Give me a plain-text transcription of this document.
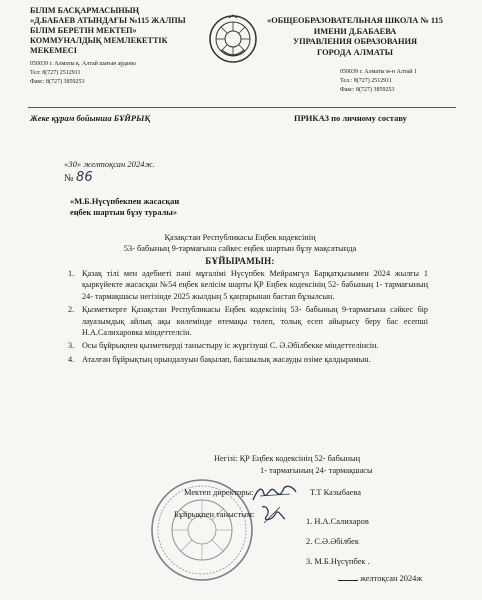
БІЛІМ БАСҚАРМАСЫНЫҢ
«Д.БАБАЕВ АТЫНДАҒЫ №115 ЖАЛПЫ
БІЛІМ БЕРЕТІН МЕКТЕП»
КОММУНАЛДЫҚ МЕМЛЕКЕТТІК
МЕКЕМЕСІ
050039 г. Алматы қ. Алтай шағын ауданы
Тел: 8(727) 2512911
Факс: 8(727) 3859253
«ОБЩЕОБРАЗОВАТЕЛЬНАЯ ШКОЛА № 115
ИМЕНИ Д.БАБАЕВА
УПРАВЛЕНИЯ ОБРАЗОВАНИЯ
ГОРОДА АЛМАТЫ
050039 г. Алматы м-н Алтай 1
Тел.: 8(727) 2512911
Факс: 8(727) 3859253
Жеке құрам бойынша БҰЙРЫҚ	ПРИКАЗ по личному составу
«30» желтоқсан 2024ж.
№ 86
«М.Б.Нүсүпбекпен жасасқан
еңбек шартын бұзу туралы»
Қазақстан Республикасы Еңбек кодексінің
53- бабының 9-тармағына сәйкес еңбек шартын бұзу мақсатында
БҰЙЫРАМЫН:
1. Қазақ тілі мен әдебиеті пәні мұғалімі Нүсүпбек Мейрамгүл Барқатқызымен 2024 жылғы 1 қыркүйекте жасасқан №54 еңбек келісім шарты ҚР Еңбек кодексінің 52- бабының 1- тармағының 24- тармақшасы негізінде 2025 жылдың 5 қаңтарынан бастап бұзылсын.
2. Қызметкерге Қазақстан Республикасы Еңбек кодексінің 53- бабының 9-тармағына сәйкес бір лауазымдық айлық ақы көлемінде өтемақы төлеп, толық есеп айырысу беру бас есепші Н.А.Салихаровка міндеттелсін.
3. Осы бұйрықпен қызметкерді таныстыру іс жүргізуші С. Ә.Әбілбекке міндеттелінсін.
4. Аталған бұйрықтың орындалуын бақылап, басшылық жасауды өзіме қалдырамын.
Негізі: ҚР Еңбек кодексінің 52- бабының
1- тармағының 24- тармақшасы
Мектеп директоры:	Т.Т Казыбаева
Бұйрықпен таныстым:
1. Н.А.Салихаров
2. С.Ә.Әбілбек
3. М.Б.Нүсүпбек .
желтоқсан 2024ж
